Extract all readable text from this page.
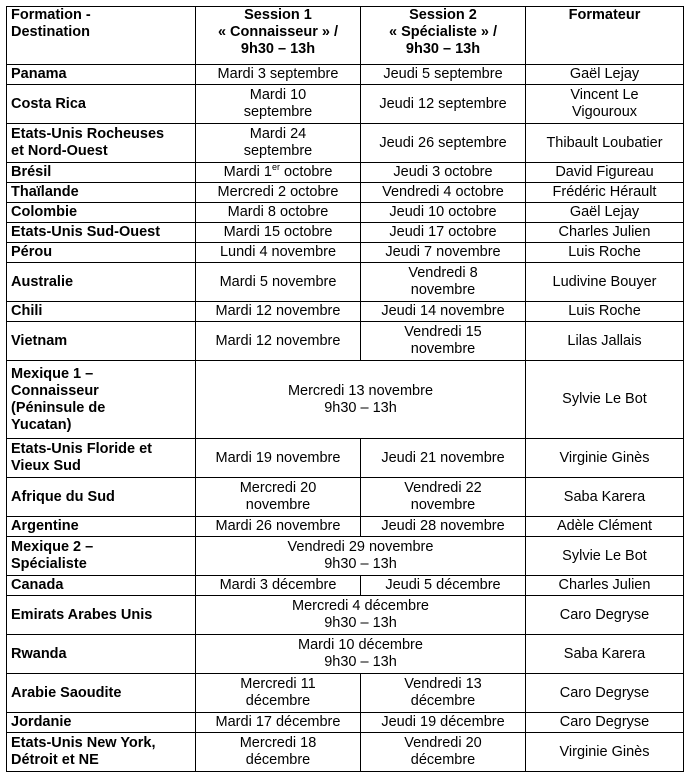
Formation -
Destination	Session 1
« Connaisseur » /
9h30 – 13h	Session 2
« Spécialiste » /
9h30 – 13h	Formateur

Panama	Mardi 3 septembre	Jeudi 5 septembre	Gaël Lejay

Costa Rica	Mardi 10
septembre	Jeudi 12 septembre	Vincent Le
Vigouroux

Etats-Unis Rocheuses
et Nord-Ouest	Mardi 24
septembre	Jeudi 26 septembre	Thibault Loubatier

Brésil	Mardi 1er octobre	Jeudi 3 octobre	David Figureau

Thaïlande	Mercredi 2 octobre	Vendredi 4 octobre	Frédéric Hérault

Colombie	Mardi 8 octobre	Jeudi 10 octobre	Gaël Lejay

Etats-Unis Sud-Ouest	Mardi 15 octobre	Jeudi 17 octobre	Charles Julien

Pérou	Lundi 4 novembre	Jeudi 7 novembre	Luis Roche

Australie	Mardi 5 novembre	Vendredi 8
novembre	Ludivine Bouyer

Chili	Mardi 12 novembre	Jeudi 14 novembre	Luis Roche

Vietnam	Mardi 12 novembre	Vendredi 15
novembre	Lilas Jallais

Mexique 1 –
Connaisseur
(Péninsule de
Yucatan)	Mercredi 13 novembre
9h30 – 13h		Sylvie Le Bot

Etats-Unis Floride et
Vieux Sud	Mardi 19 novembre	Jeudi 21 novembre	Virginie Ginès

Afrique du Sud	Mercredi 20
novembre	Vendredi 22
novembre	Saba Karera

Argentine	Mardi 26 novembre	Jeudi 28 novembre	Adèle Clément

Mexique 2 –
Spécialiste	Vendredi 29 novembre
9h30 – 13h		Sylvie Le Bot

Canada	Mardi 3 décembre	Jeudi 5 décembre	Charles Julien

Emirats Arabes Unis	Mercredi 4 décembre
9h30 – 13h		Caro Degryse

Rwanda	Mardi 10 décembre
9h30 – 13h		Saba Karera

Arabie Saoudite	Mercredi 11
décembre	Vendredi 13
décembre	Caro Degryse

Jordanie	Mardi 17 décembre	Jeudi 19 décembre	Caro Degryse

Etats-Unis New York,
Détroit et NE	Mercredi 18
décembre	Vendredi 20
décembre	Virginie Ginès
